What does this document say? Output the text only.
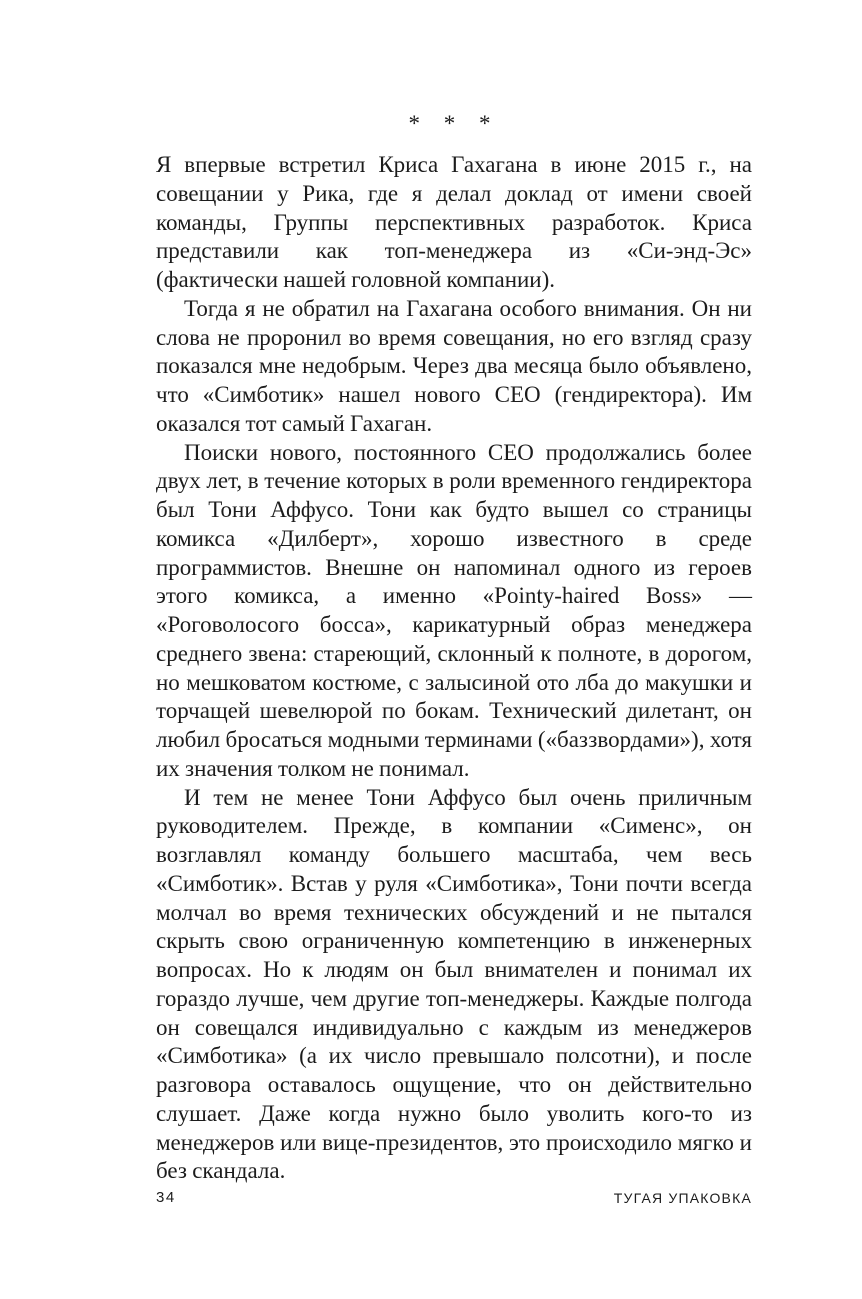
* * *

Я впервые встретил Криса Гахагана в июне 2015 г., на совещании у Рика, где я делал доклад от имени своей команды, Группы перспективных разработок. Криса представили как топ-менеджера из «Си-энд-Эс» (фактически нашей головной компании).

Тогда я не обратил на Гахагана особого внимания. Он ни слова не проронил во время совещания, но его взгляд сразу показался мне недобрым. Через два месяца было объявлено, что «Симботик» нашел нового CEO (гендиректора). Им оказался тот самый Гахаган.

Поиски нового, постоянного CEO продолжались более двух лет, в течение которых в роли временного гендиректора был Тони Аффусо. Тони как будто вышел со страницы комикса «Дилберт», хорошо известного в среде программистов. Внешне он напоминал одного из героев этого комикса, а именно «Pointy-haired Boss» — «Роговолосого босса», карикатурный образ менеджера среднего звена: стареющий, склонный к полноте, в дорогом, но мешковатом костюме, с залысиной ото лба до макушки и торчащей шевелюрой по бокам. Технический дилетант, он любил бросаться модными терминами («баззвордами»), хотя их значения толком не понимал.

И тем не менее Тони Аффусо был очень приличным руководителем. Прежде, в компании «Сименс», он возглавлял команду большего масштаба, чем весь «Симботик». Встав у руля «Симботика», Тони почти всегда молчал во время технических обсуждений и не пытался скрыть свою ограниченную компетенцию в инженерных вопросах. Но к людям он был внимателен и понимал их гораздо лучше, чем другие топ-менеджеры. Каждые полгода он совещался индивидуально с каждым из менеджеров «Симботика» (а их число превышало полсотни), и после разговора оставалось ощущение, что он действительно слушает. Даже когда нужно было уволить кого-то из менеджеров или вице-президентов, это происходило мягко и без скандала.

34	ТУГАЯ УПАКОВКА
